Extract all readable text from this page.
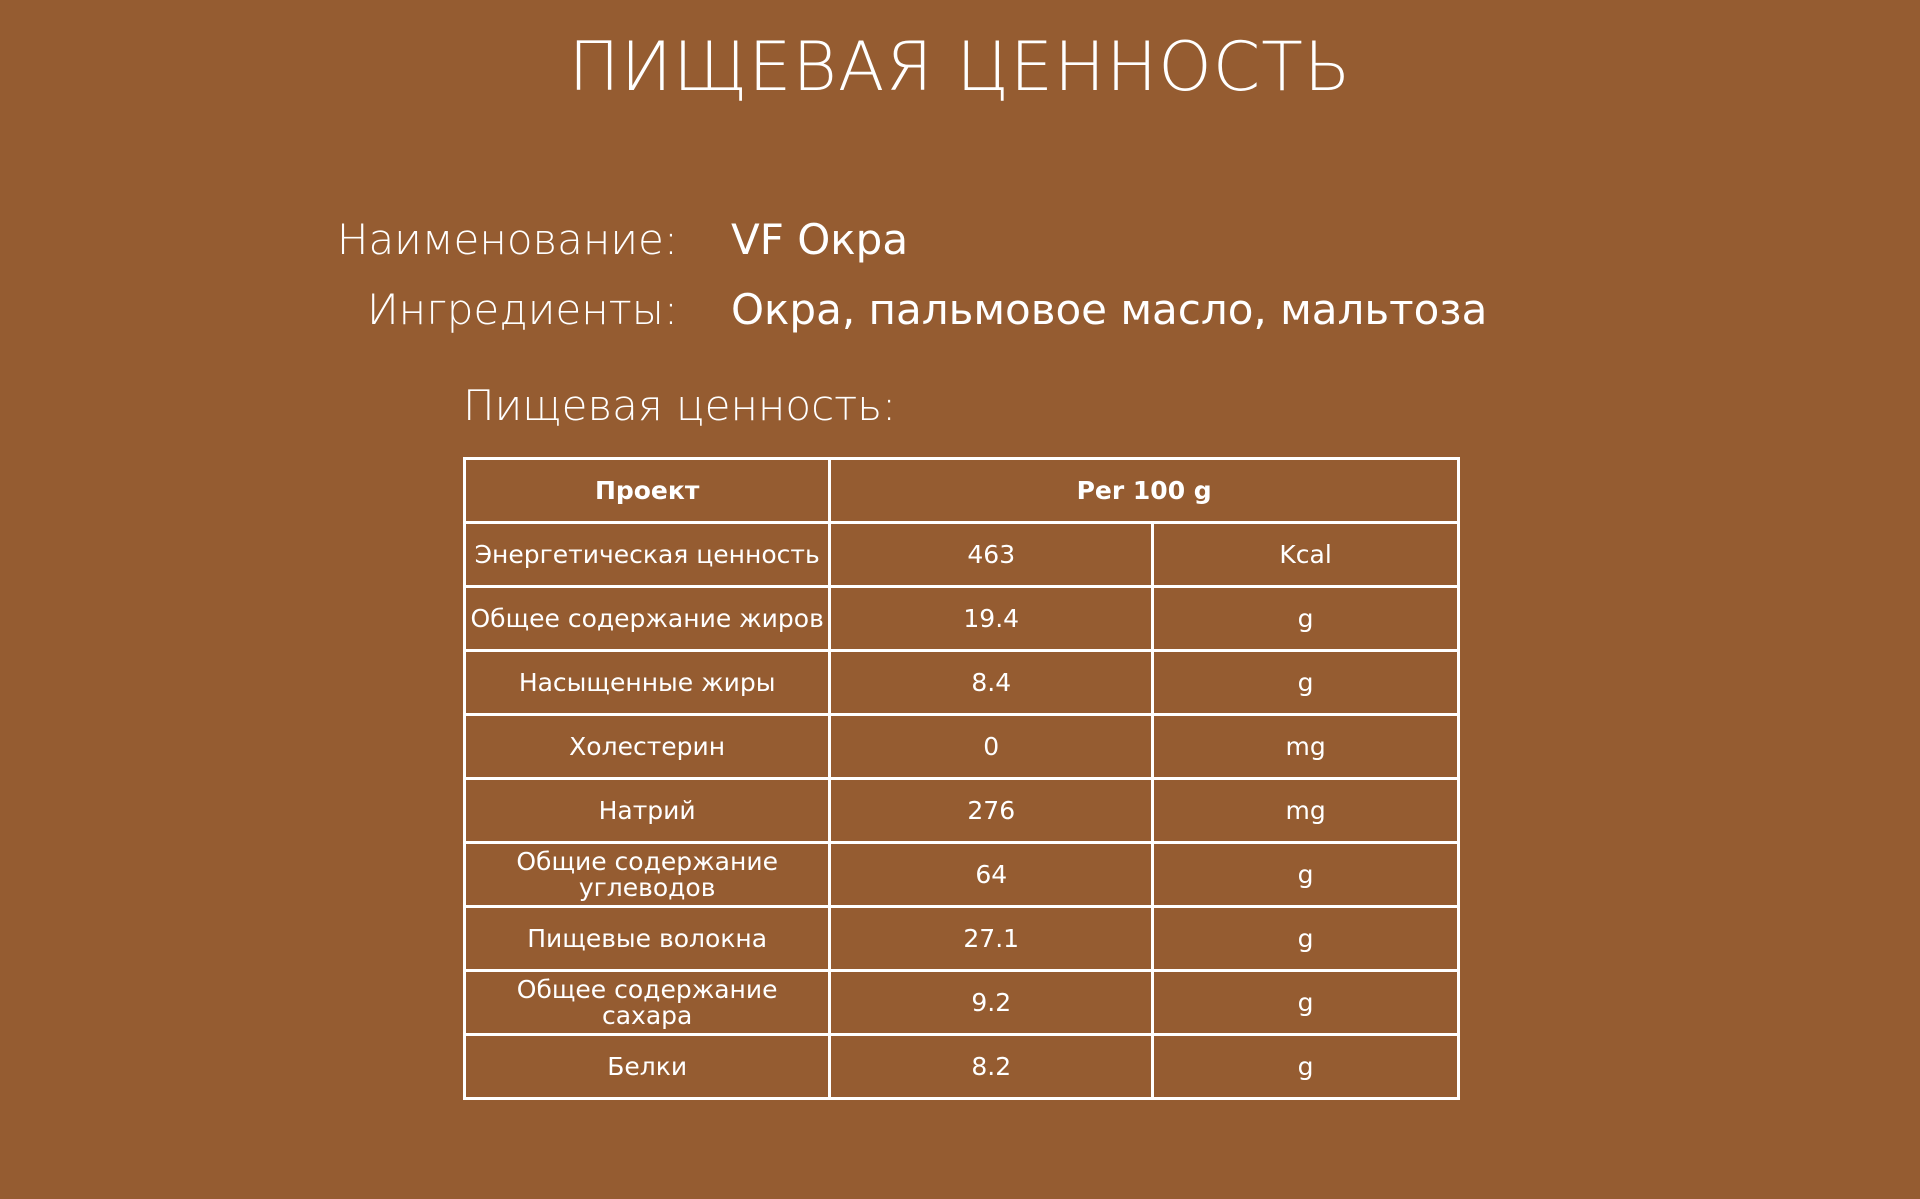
ПИЩЕВАЯ ЦЕННОСТЬ
Наименование: VF Окра
Ингредиенты: Окра, пальмовое масло, мальтоза
Пищевая ценность:
Проект	Per 100 g	
Энергетическая ценность	463	Kcal
Общее содержание жиров	19.4	g
Насыщенные жиры	8.4	g
Холестерин	0	mg
Натрий	276	mg
Общие содержание углеводов	64	g
Пищевые волокна	27.1	g
Общее содержание сахара	9.2	g
Белки	8.2	g
